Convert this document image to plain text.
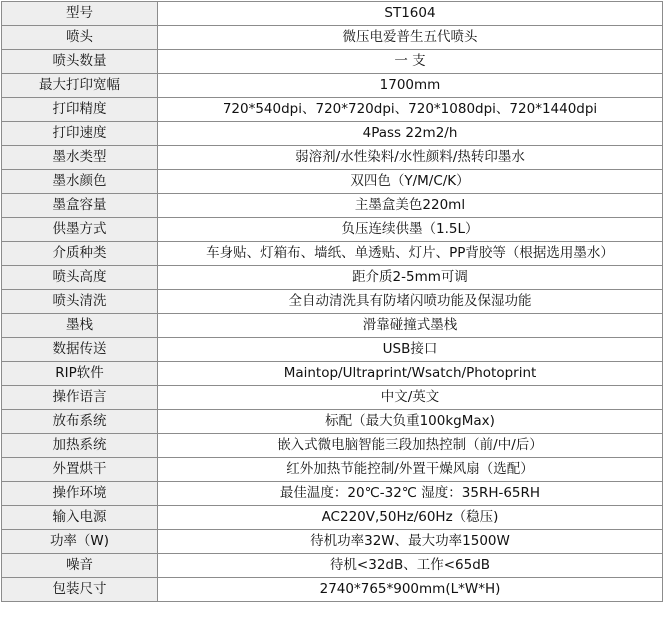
型号	ST1604
喷头	微压电爱普生五代喷头
喷头数量	一 支
最大打印宽幅	1700mm
打印精度	720*540dpi、720*720dpi、720*1080dpi、720*1440dpi
打印速度	4Pass 22m2/h
墨水类型	弱溶剂/水性染料/水性颜料/热转印墨水
墨水颜色	双四色（Y/M/C/K）
墨盒容量	主墨盒美色220ml
供墨方式	负压连续供墨（1.5L）
介质种类	车身贴、灯箱布、墙纸、单透贴、灯片、PP背胶等（根据选用墨水）
喷头高度	距介质2-5mm可调
喷头清洗	全自动清洗具有防堵闪喷功能及保湿功能
墨栈	滑靠碰撞式墨栈
数据传送	USB接口
RIP软件	Maintop/Ultraprint/Wsatch/Photoprint
操作语言	中文/英文
放布系统	标配（最大负重100kgMax)
加热系统	嵌入式微电脑智能三段加热控制（前/中/后）
外置烘干	红外加热节能控制/外置干燥风扇（选配）
操作环境	最佳温度：20℃-32℃ 湿度：35RH-65RH
输入电源	AC220V,50Hz/60Hz（稳压)
功率（W)	待机功率32W、最大功率1500W
噪音	待机<32dB、工作<65dB
包装尺寸	2740*765*900mm(L*W*H)
